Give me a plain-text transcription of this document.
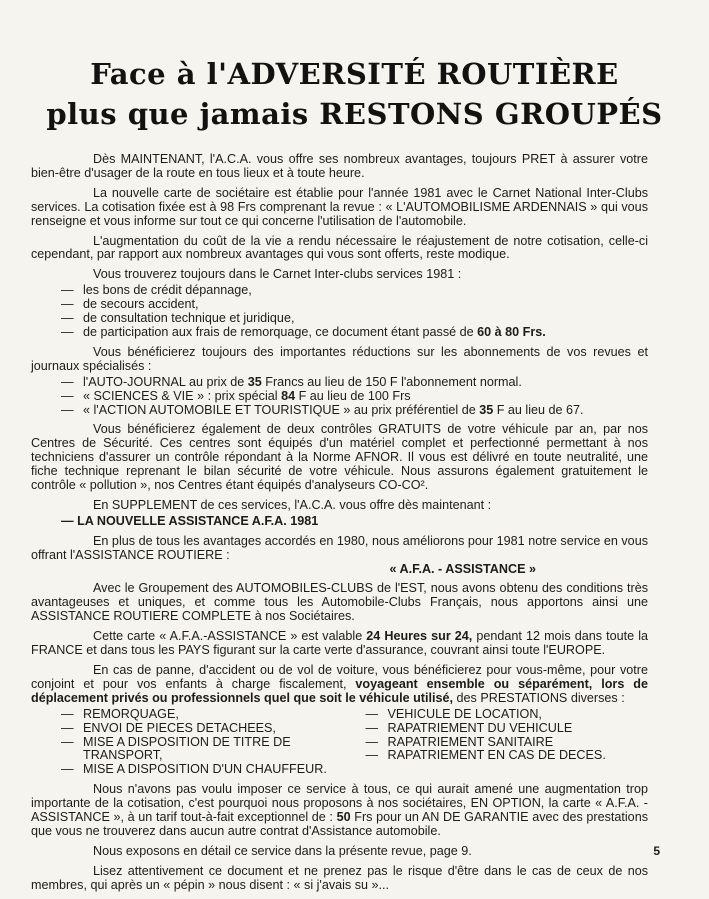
Face à l'ADVERSITÉ ROUTIÈRE
plus que jamais RESTONS GROUPÉS

Dès MAINTENANT, l'A.C.A. vous offre ses nombreux avantages, toujours PRET à assurer votre bien-être d'usager de la route en tous lieux et à toute heure.

La nouvelle carte de sociétaire est établie pour l'année 1981 avec le Carnet National Inter-Clubs services. La cotisation fixée est à 98 Frs comprenant la revue : « L'AUTOMOBILISME ARDENNAIS » qui vous renseigne et vous informe sur tout ce qui concerne l'utilisation de l'automobile.

L'augmentation du coût de la vie a rendu nécessaire le réajustement de notre cotisation, celle-ci cependant, par rapport aux nombreux avantages qui vous sont offerts, reste modique.

Vous trouverez toujours dans le Carnet Inter-clubs services 1981 :

— les bons de crédit dépannage,
— de secours accident,
— de consultation technique et juridique,
— de participation aux frais de remorquage, ce document étant passé de 60 à 80 Frs.

Vous bénéficierez toujours des importantes réductions sur les abonnements de vos revues et journaux spécialisés :

— l'AUTO-JOURNAL au prix de 35 Francs au lieu de 150 F l'abonnement normal.
— « SCIENCES & VIE » : prix spécial 84 F au lieu de 100 Frs
— « l'ACTION AUTOMOBILE ET TOURISTIQUE » au prix préférentiel de 35 F au lieu de 67.

Vous bénéficierez également de deux contrôles GRATUITS de votre véhicule par an, par nos Centres de Sécurité. Ces centres sont équipés d'un matériel complet et perfectionné permettant à nos techniciens d'assurer un contrôle répondant à la Norme AFNOR. Il vous est délivré en toute neutralité, une fiche technique reprenant le bilan sécurité de votre véhicule. Nous assurons également gratuitement le contrôle « pollution », nos Centres étant équipés d'analyseurs CO-CO².

En SUPPLEMENT de ces services, l'A.C.A. vous offre dès maintenant :

— LA NOUVELLE ASSISTANCE A.F.A. 1981

En plus de tous les avantages accordés en 1980, nous améliorons pour 1981 notre service en vous offrant l'ASSISTANCE ROUTIERE :

« A.F.A. - ASSISTANCE »

Avec le Groupement des AUTOMOBILES-CLUBS de l'EST, nous avons obtenu des conditions très avantageuses et uniques, et comme tous les Automobile-Clubs Français, nous apportons ainsi une ASSISTANCE ROUTIERE COMPLETE à nos Sociétaires.

Cette carte « A.F.A.-ASSISTANCE » est valable 24 Heures sur 24, pendant 12 mois dans toute la FRANCE et dans tous les PAYS figurant sur la carte verte d'assurance, couvrant ainsi toute l'EUROPE.

En cas de panne, d'accident ou de vol de voiture, vous bénéficierez pour vous-même, pour votre conjoint et pour vos enfants à charge fiscalement, voyageant ensemble ou séparément, lors de déplacement privés ou professionnels quel que soit le véhicule utilisé, des PRESTATIONS diverses :

— REMORQUAGE,
— ENVOI DE PIECES DETACHEES,
— MISE A DISPOSITION DE TITRE DE TRANSPORT,
— MISE A DISPOSITION D'UN CHAUFFEUR.
— VEHICULE DE LOCATION,
— RAPATRIEMENT DU VEHICULE
— RAPATRIEMENT SANITAIRE
— RAPATRIEMENT EN CAS DE DECES.

Nous n'avons pas voulu imposer ce service à tous, ce qui aurait amené une augmentation trop importante de la cotisation, c'est pourquoi nous proposons à nos sociétaires, EN OPTION, la carte « A.F.A. - ASSISTANCE », à un tarif tout-à-fait exceptionnel de : 50 Frs pour un AN DE GARANTIE avec des prestations que vous ne trouverez dans aucun autre contrat d'Assistance automobile.

Nous exposons en détail ce service dans la présente revue, page 9.

Lisez attentivement ce document et ne prenez pas le risque d'être dans le cas de ceux de nos membres, qui après un « pépin » nous disent : « si j'avais su »...

5
